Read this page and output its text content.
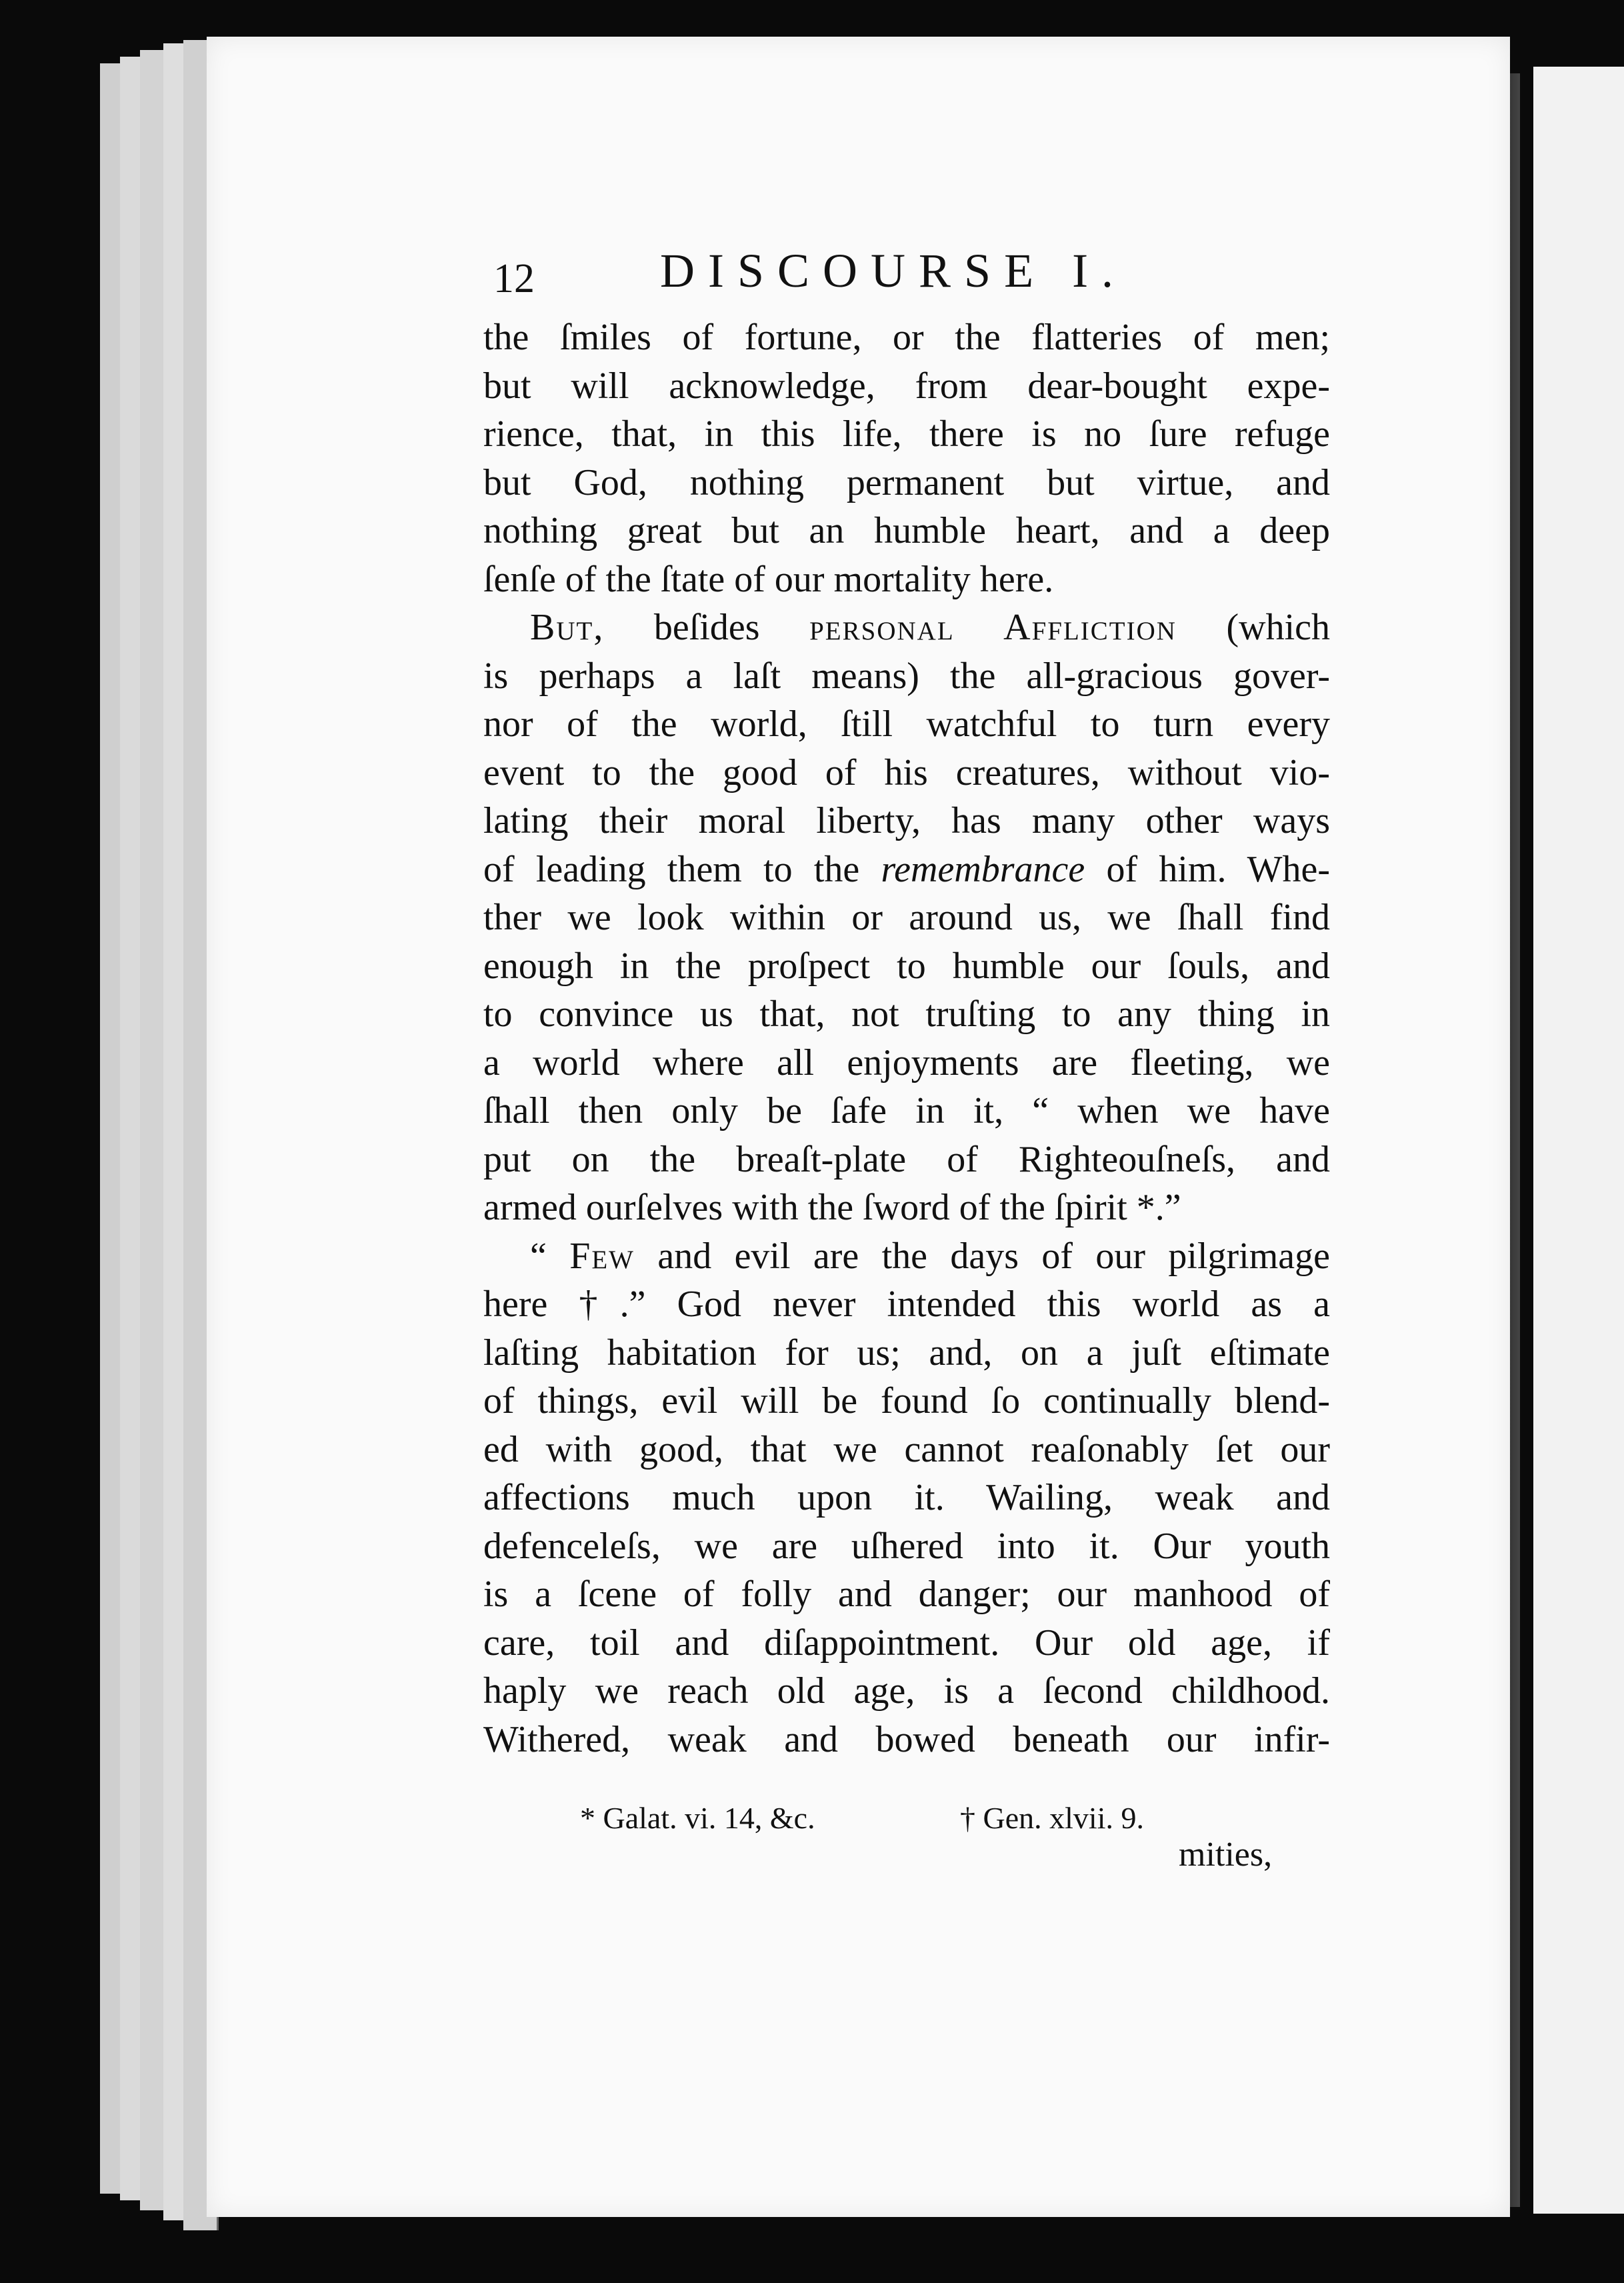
12	DISCOURSE I.
the ſmiles of fortune, or the flatteries of men;
but will acknowledge, from dear-bought expe-
rience, that, in this life, there is no ſure refuge
but God, nothing permanent but virtue, and
nothing great but an humble heart, and a deep
ſenſe of the ſtate of our mortality here.
But, beſides personal Affliction (which
is perhaps a laſt means) the all-gracious gover-
nor of the world, ſtill watchful to turn every
event to the good of his creatures, without vio-
lating their moral liberty, has many other ways
of leading them to the remembrance of him. Whe-
ther we look within or around us, we ſhall find
enough in the proſpect to humble our ſouls, and
to convince us that, not truſting to any thing in
a world where all enjoyments are fleeting, we
ſhall then only be ſafe in it, “ when we have
put on the breaſt-plate of Righteouſneſs, and
armed ourſelves with the ſword of the ſpirit *.”
“ Few and evil are the days of our pilgrimage
here †.” God never intended this world as a
laſting habitation for us; and, on a juſt eſtimate
of things, evil will be found ſo continually blend-
ed with good, that we cannot reaſonably ſet our
affections much upon it. Wailing, weak and
defenceleſs, we are uſhered into it. Our youth
is a ſcene of folly and danger; our manhood of
care, toil and diſappointment. Our old age, if
haply we reach old age, is a ſecond childhood.
Withered, weak and bowed beneath our infir-
* Galat. vi. 14, &c.	† Gen. xlvii. 9.
mities,
